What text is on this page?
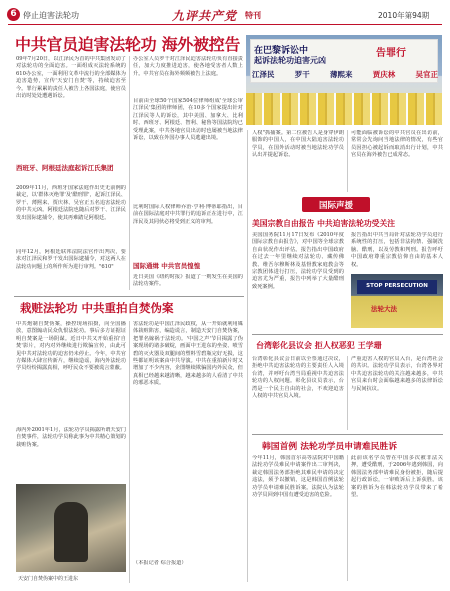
6 停止迫害法轮功	九评共产党 特刊	2010年第94期
中共官员迫害法轮功 海外被控告	在巴黎诉讼中
起诉法轮功迫害元凶
告罪行
江泽民	罗干	薄熙来	贾庆林	吴官正
09年7月20日，以江泽民为首的中共集团发动了对法轮功的全面迫害。一面组成灭法轮系统的610办公室，一面利用文革中流行的全部媒体为迫害造势，宣传'天安门自焚'等，持续迫害至今。罪行累累的责任人被告上各国法庭，使官员出访时处处遭遇诉讼。
西班牙、阿根廷法庭起诉江氏集团
2009年11月，西班牙国家法庭作出史无前例的裁定，以'群体灭绝罪'及'酷刑罪'，起诉江泽民、罗干、薄熙来、贾庆林、吴官正五名追害法轮功的中共元凶。阿根廷法院也随后对罗干、江泽民发出国际逮捕令，使其再难踏足阿根廷。
同年12月，阿根廷联邦法院法官作出判决，要求对江泽民和罗干发出国际逮捕令，对这两人在法轮功问题上的所作所为进行审判。"610"
办公室人员罗干对江泽民迫害法轮功负有直接责任，加大力度推进迫害，使各地受害者人数上升。中共官员在海外频频被告上法庭。
目前由全球50个国家504位律师组成'全球公审江泽民'集团的律师团，在10多个国家提出针对江泽民等人的诉讼，其中美国、加拿大、比利时、西班牙、阿根廷、智利、秘鲁等国法院均已受理此案，中共各地官员出访时也屡被当地法律诉讼，以致在外国办事人员逃避出境。
比利时国际人权律师乔治·亨利·博蒂耶指出，目前在国际法庭对中共罪行的追诉正在进行中，江泽民及其同伙必将受到正义的审判。
国际通缉 中共官员惶惶
近日美国《纽约时报》报道了一则发生在美国的法轮功案件。
栽赃法轮功 中共重拍自焚伪案
中共炮制自焚伪案，操控现场拍摄，向全国播放，意图煽动民众仇恨法轮功。事后多方证据证明自焚案是一场阴谋。近日中共又开始重拍'自焚'影片，对内对外继续进行欺骗宣传，由此可见中共对法轮功的迫害仍未停止。今年，中共官方媒体大肆宣传新片，继续造谣，海内外法轮功学员纷纷揭露真相，呼吁民众不要被谎言蒙蔽。
海内外2001年1月，法轮功学员揭露所谓天安门自焚事件，法轮功学员称此事为中共精心策划的栽赃伪案。
天安门自焚伪案中的王进东
害法轮功是中国江泽民政权，从一开始就利用媒体栽赃陷害，编造谎言，制造天安门自焚伪案，把罪名嫁祸于法轮功。'中国之声'节目揭露了伪案现场的诸多破绽，画面中王进东的坐姿、喷雪碧的灭火器及双腿间的塑料雪碧瓶完好无损，这些都证明该案由中共导演。中共在重拍新片时又增加了不少内容，企图继续欺骗国内外民众，但真相已经越来越清晰，越来越多的人看清了中共的邪恶本质。
（本报记者 综合报道）
人权"抓捕案。第二位被告人是身穿伊朗服饰的中国人，在中国大陆追害法轮功学员，在国外活动时被当地法轮功学员认出并提起诉讼。
可能面临被诉讼的中共官员在出访前，常常会先询问当地法律的情况，有些官员因担心被起诉而取消出行计划，中共官员在海外被告已成常态。
国际声援
美国宗教自由报告 中共迫害法轮功受关注
美国国务院11月17日发布《2010年度国际宗教自由报告》，对中国等全球宗教自由状况作出评估。报告指出中国政府在过去一年里继续对法轮功、藏传佛教、维吾尔穆斯林及基督教家庭教会等宗教团体进行打压，法轮功学员受到的迫害尤为严重，报告中列举了大量酷刑致死案例。
报告指出中共当局针对法轮功学员进行系统性的打压，包括非法拘禁、强制洗脑、酷刑，以及劳教和判刑。报告呼吁中国政府尊重宗教信仰自由的基本人权。
STOP PERSECUTION
法轮大法
台湾彰化县议会 拒人权恶犯 王学珊
台湾彰化县议会日前以全票通过决议，拒绝中共迫害法轮功的主要责任人入境台湾，并呼吁台湾当局重视中共迫害法轮功的人权问题。彰化县议员表示，台湾是一个民主自由的社会，不欢迎迫害人权的中共官员入境。
严重迫害人权的官员入台，是台湾社会的共识。法轮功学员表示，台湾各界对中共迫害法轮功的关注越来越多，中共官员来台时会面临越来越多的法律诉讼与民间抗议。
韩国首例 法轮功学员申请难民胜诉
今年11月，韩国首尔高等法院对中国籍法轮功学员难民申请案作出二审判决，裁定韩国法务部拒绝其难民申请的决定违法，须予以撤销，这是韩国首例法轮功学员申请难民胜诉案。法院认为法轮功学员回到中国有遭受迫害的危险。
此前该名学员曾在中国多次被非法关押，遭受酷刑，于2006年逃到韩国，向韩国法务部申请难民身份被拒，随后提起行政诉讼，一审败诉后上诉获胜。该案的胜诉为在韩法轮功学员带来了希望。
